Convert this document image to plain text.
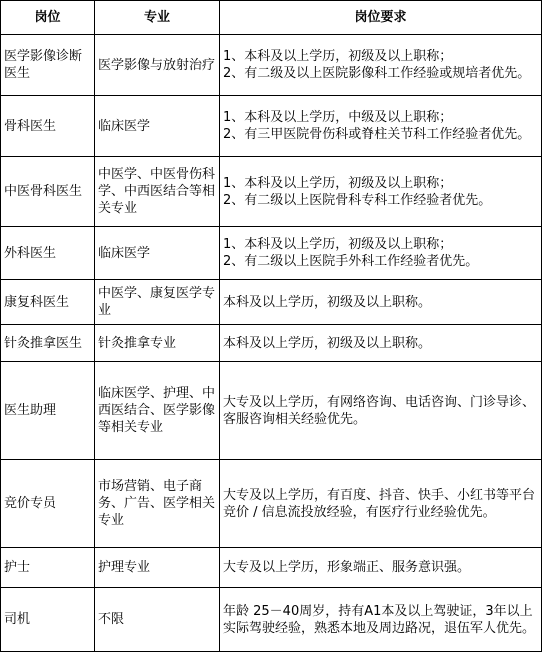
岗位	专业	岗位要求
医学影像诊断医生	医学影像与放射治疗	1、本科及以上学历，初级及以上职称；
2、有二级及以上医院影像科工作经验或规培者优先。
骨科医生	临床医学	1、本科及以上学历，中级及以上职称；
2、有三甲医院骨伤科或脊柱关节科工作经验者优先。
中医骨科医生	中医学、中医骨伤科学、中西医结合等相关专业	1、本科及以上学历，初级及以上职称；
2、有二级以上医院骨科专科工作经验者优先。
外科医生	临床医学	1、本科及以上学历，初级及以上职称；
2、有二级以上医院手外科工作经验者优先。
康复科医生	中医学、康复医学专业	本科及以上学历，初级及以上职称。
针灸推拿医生	针灸推拿专业	本科及以上学历，初级及以上职称。
医生助理	临床医学、护理、中西医结合、医学影像等相关专业	大专及以上学历，有网络咨询、电话咨询、门诊导诊、客服咨询相关经验优先。
竞价专员	市场营销、电子商务、广告、医学相关专业	大专及以上学历，有百度、抖音、快手、小红书等平台竞价 / 信息流投放经验，有医疗行业经验优先。
护士	护理专业	大专及以上学历，形象端正、服务意识强。
司机	不限	年龄 25－40周岁，持有A1本及以上驾驶证，3年以上实际驾驶经验，熟悉本地及周边路况，退伍军人优先。
